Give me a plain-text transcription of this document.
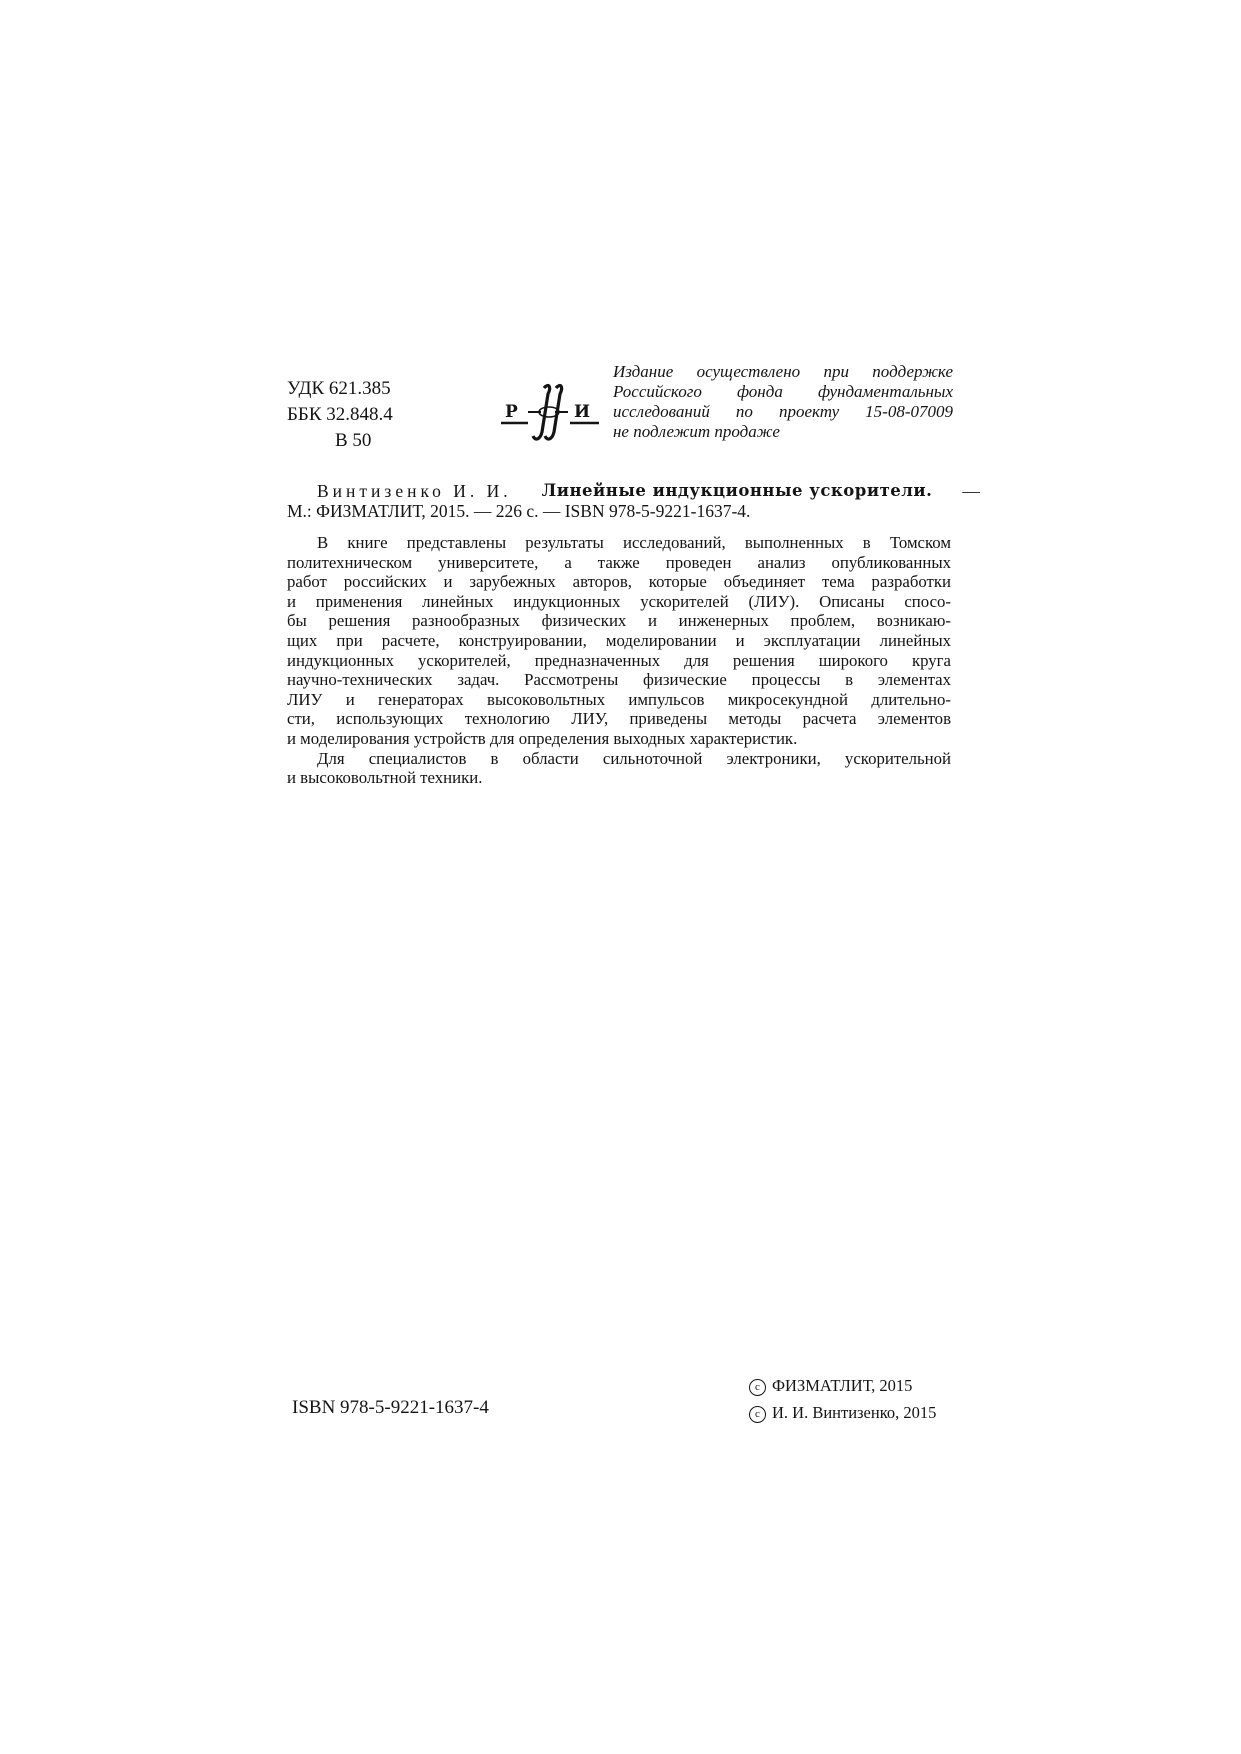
УДК 621.385
ББК 32.848.4
В 50
Р	И
Издание осуществлено при поддержке
Российского фонда фундаментальных
исследований по проекту 15-08-07009
не подлежит продаже
Винтизенко И. И.	Линейные индукционные ускорители.	—
М.: ФИЗМАТЛИТ, 2015. — 226 с. — ISBN 978-5-9221-1637-4.
В книге представлены результаты исследований, выполненных в Томском
политехническом университете, а также проведен анализ опубликованных
работ российских и зарубежных авторов, которые объединяет тема разработки
и применения линейных индукционных ускорителей (ЛИУ). Описаны спосо-
бы решения разнообразных физических и инженерных проблем, возникаю-
щих при расчете, конструировании, моделировании и эксплуатации линейных
индукционных ускорителей, предназначенных для решения широкого круга
научно-технических задач. Рассмотрены физические процессы в элементах
ЛИУ и генераторах высоковольтных импульсов микросекундной длительно-
сти, использующих технологию ЛИУ, приведены методы расчета элементов
и моделирования устройств для определения выходных характеристик.
Для специалистов в области сильноточной электроники, ускорительной
и высоковольтной техники.
ISBN 978-5-9221-1637-4
c ФИЗМАТЛИТ, 2015
c И. И. Винтизенко, 2015
